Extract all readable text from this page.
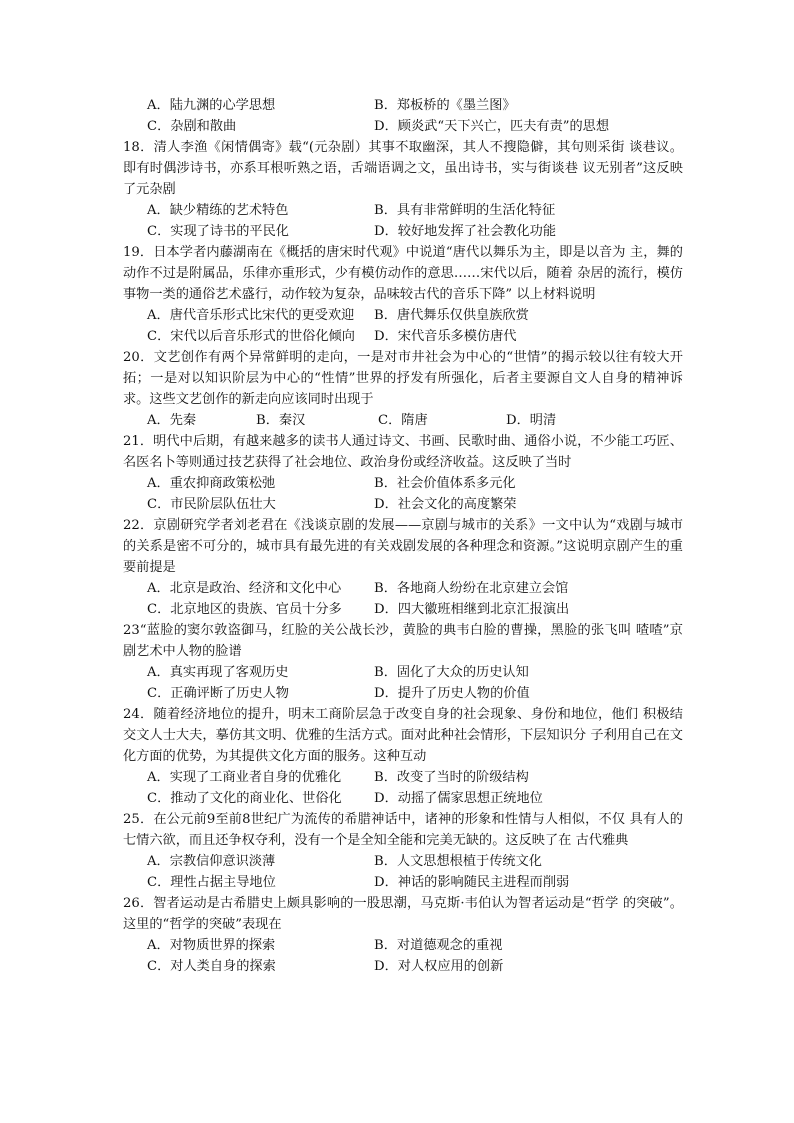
A．陆九渊的心学思想	B．郑板桥的《墨兰图》
C．杂剧和散曲	D．顾炎武“天下兴亡，匹夫有责”的思想
18．清人李渔《闲情偶寄》载“(元杂剧）其事不取幽深，其人不搜隐僻，其句则采街 谈巷议。即有时偶涉诗书，亦系耳根听熟之语，舌端语调之文，虽出诗书，实与街谈巷 议无别者”这反映了元杂剧
A．缺少精练的艺术特色	B．具有非常鲜明的生活化特征
C．实现了诗书的平民化	D．较好地发挥了社会教化功能
19．日本学者内藤湖南在《概括的唐宋时代观》中说道“唐代以舞乐为主，即是以音为 主，舞的动作不过是附属品，乐律亦重形式，少有模仿动作的意思……宋代以后，随着 杂居的流行，模仿事物一类的通俗艺术盛行，动作较为复杂，品味较古代的音乐下降” 以上材料说明
A．唐代音乐形式比宋代的更受欢迎	B．唐代舞乐仅供皇族欣赏
C．宋代以后音乐形式的世俗化倾向	D．宋代音乐多模仿唐代
20．文艺创作有两个异常鲜明的走向，一是对市井社会为中心的“世情”的揭示较以往有较大开拓；一是对以知识阶层为中心的“性情”世界的抒发有所强化，后者主要源自文人自身的精神诉求。这些文艺创作的新走向应该同时出现于
A．先秦	B．秦汉	C．隋唐	D．明清
21．明代中后期，有越来越多的读书人通过诗文、书画、民歌时曲、通俗小说，不少能工巧匠、名医名卜等则通过技艺获得了社会地位、政治身份或经济收益。这反映了当时
A．重农抑商政策松弛	B．社会价值体系多元化
C．市民阶层队伍壮大	D．社会文化的高度繁荣
22．京剧研究学者刘老君在《浅谈京剧的发展——京剧与城市的关系》一文中认为“戏剧与城市的关系是密不可分的，城市具有最先进的有关戏剧发展的各种理念和资源。”这说明京剧产生的重要前提是
A．北京是政治、经济和文化中心	B．各地商人纷纷在北京建立会馆
C．北京地区的贵族、官员十分多	D．四大徽班相继到北京汇报演出
23“蓝脸的窦尔敦盗御马，红脸的关公战长沙，黄脸的典韦白脸的曹操，黑脸的张飞叫 喳喳”京剧艺术中人物的脸谱
A．真实再现了客观历史	B．固化了大众的历史认知
C．正确评断了历史人物	D．提升了历史人物的价值
24．随着经济地位的提升，明末工商阶层急于改变自身的社会现象、身份和地位，他们 积极结交文人士大夫，摹仿其文明、优雅的生活方式。面对此种社会情形，下层知识分 子利用自己在文化方面的优势，为其提供文化方面的服务。这种互动
A．实现了工商业者自身的优雅化	B．改变了当时的阶级结构
C．推动了文化的商业化、世俗化	D．动摇了儒家思想正统地位
25．在公元前9至前8世纪广为流传的希腊神话中，诸神的形象和性情与人相似，不仅 具有人的七情六欲，而且还争权夺利，没有一个是全知全能和完美无缺的。这反映了在 古代雅典
A．宗教信仰意识淡薄	B．人文思想根植于传统文化
C．理性占据主导地位	D．神话的影响随民主进程而削弱
26．智者运动是古希腊史上颇具影响的一股思潮，马克斯·韦伯认为智者运动是“哲学 的突破”。这里的“哲学的突破”表现在
A．对物质世界的探索	B．对道德观念的重视
C．对人类自身的探索	D．对人权应用的创新
